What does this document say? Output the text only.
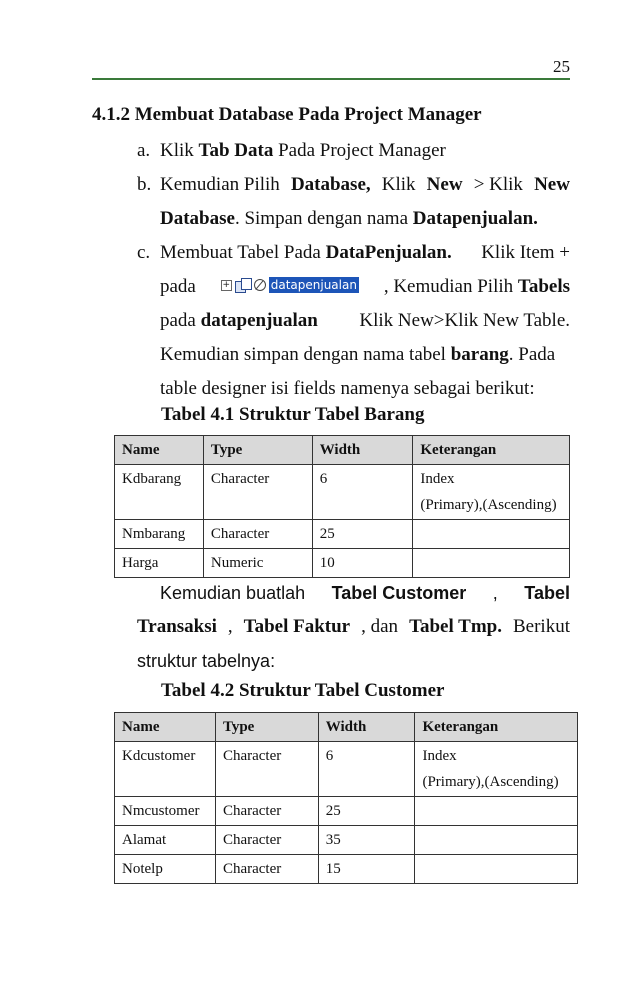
25
4.1.2 Membuat Database Pada Project Manager
a. Klik Tab Data Pada Project Manager
b. Kemudian Pilih Database, Klik New > Klik New
Database. Simpan dengan nama Datapenjualan.
c. Membuat Tabel Pada DataPenjualan. Klik Item +
pada	+	datapenjualan , Kemudian Pilih Tabels
pada datapenjualan Klik New>Klik New Table.
Kemudian simpan dengan nama tabel barang. Pada
table designer isi fields namenya sebagai berikut:
Tabel 4.1 Struktur Tabel Barang
Name	Type	Width	Keterangan
Kdbarang	Character	6	Index
(Primary),(Ascending)

Nmbarang	Character	25	
Harga	Numeric	10	
Kemudian buatlah Tabel Customer , Tabel
Transaksi , Tabel Faktur , dan Tabel Tmp. Berikut
struktur tabelnya:
Tabel 4.2 Struktur Tabel Customer
Name	Type	Width	Keterangan
Kdcustomer	Character	6	Index
(Primary),(Ascending)

Nmcustomer	Character	25	
Alamat	Character	35	
Notelp	Character	15	
